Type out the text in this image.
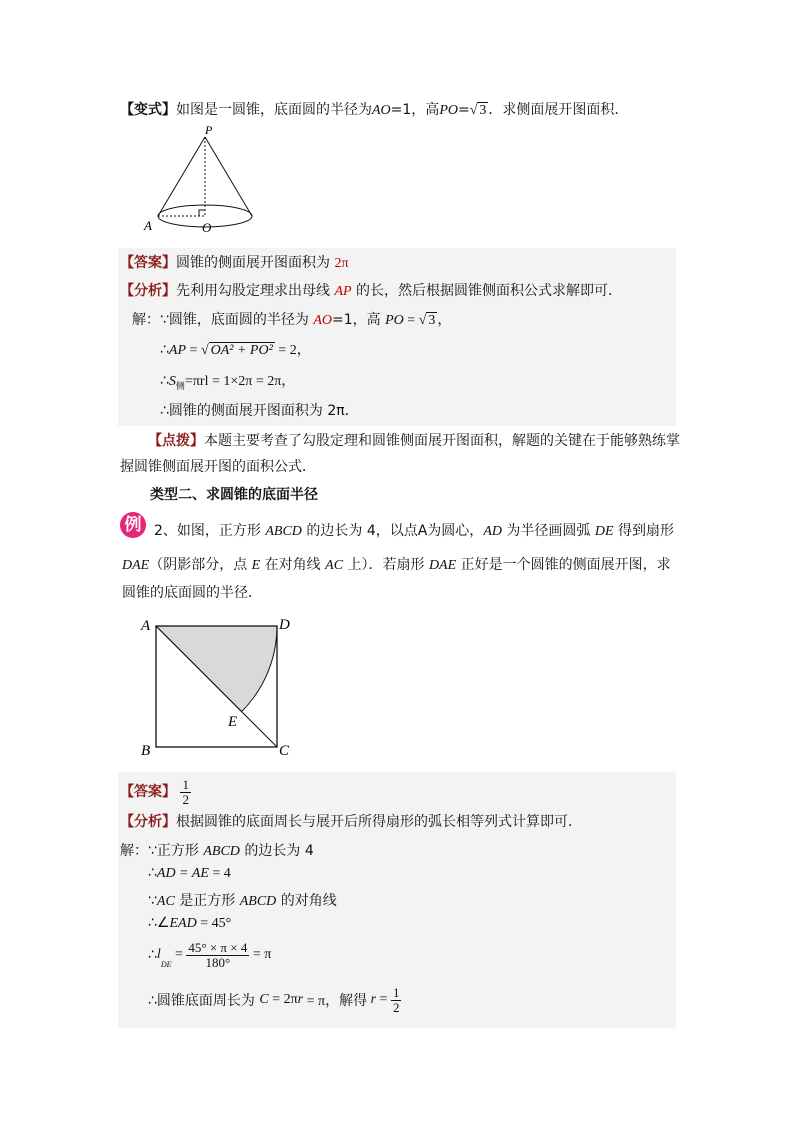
【变式】如图是一圆锥，底面圆的半径为AO=1，高PO=√ 3 ．求侧面展开图面积．
P
A	O
【答案】圆锥的侧面展开图面积为 2π
【分析】先利用勾股定理求出母线 AP 的长，然后根据圆锥侧面积公式求解即可．
解：∵圆锥，底面圆的半径为 AO=1，高 PO = √ 3 ，
∴AP = √ OA² + PO² = 2，
$\therefore S_侧=\pi rl = 1\times 2\pi = 2\pi$，
∴圆锥的侧面展开图面积为 2π．
【点拨】本题主要考查了勾股定理和圆锥侧面展开图面积，解题的关键在于能够熟练掌
握圆锥侧面展开图的面积公式．
类型二、求圆锥的底面半径
例 2、如图，正方形 ABCD 的边长为 4，以点A为圆心，AD 为半径画圆弧 DE 得到扇形
DAE（阴影部分，点 E 在对角线 AC 上）．若扇形 DAE 正好是一个圆锥的侧面展开图，求
圆锥的底面圆的半径．
A	D
B	C
E
【答案】 $\frac{1}{2}$
【分析】根据圆锥的底面周长与展开后所得扇形的弧长相等列式计算即可．
解：∵正方形 ABCD 的边长为 4
∴AD = AE = 4
∵AC 是正方形 ABCD 的对角线
∴∠EAD = 45°
$\therefore l_{DE} = \frac{45^\circ \times \pi \times 4}{180^\circ} = \pi$
∴圆锥底面周长为 C = 2πr = π，解得 $r = \frac{1}{2}$
